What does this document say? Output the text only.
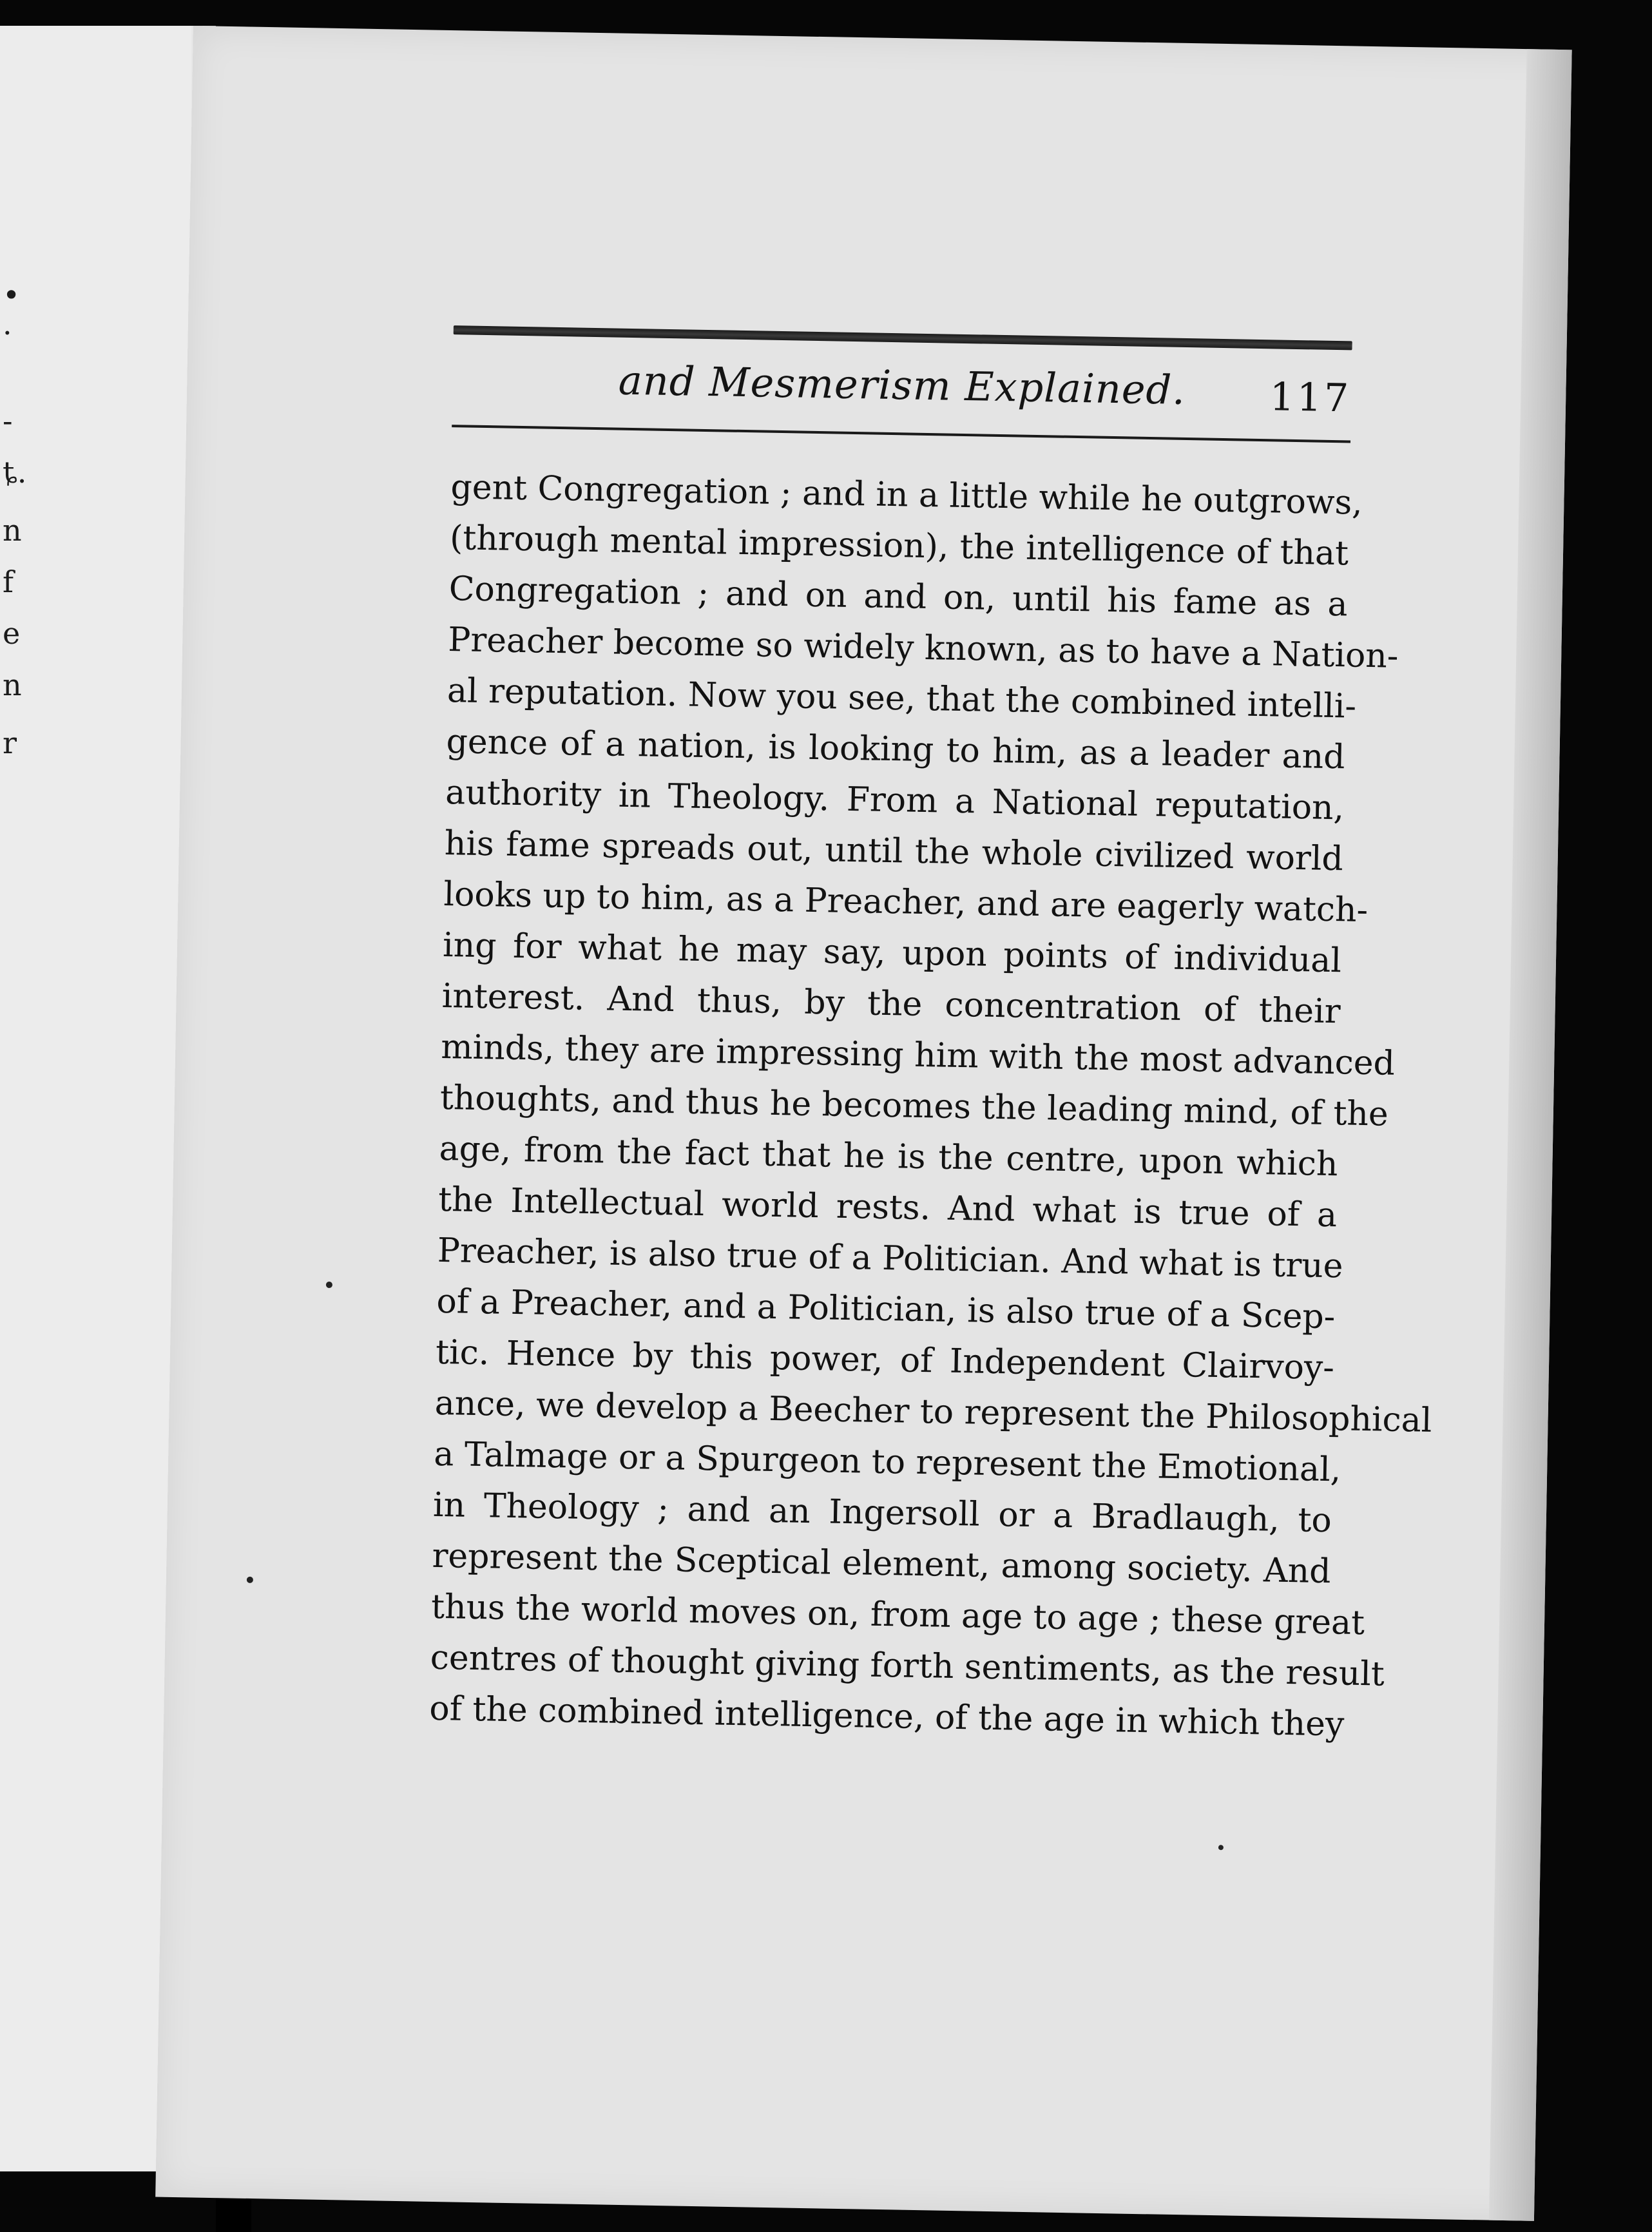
•
̃.
-
ȶ.
n
f
e
n
r
and Mesmerism Explained.	117
gent Congregation ; and in a little while he outgrows,
(through mental impression), the intelligence of that
Congregation ; and on and on, until his fame as a
Preacher become so widely known, as to have a Nation-
al reputation. Now you see, that the combined intelli-
gence of a nation, is looking to him, as a leader and
authority in Theology. From a National reputation,
his fame spreads out, until the whole civilized world
looks up to him, as a Preacher, and are eagerly watch-
ing for what he may say, upon points of individual
interest. And thus, by the concentration of their
minds, they are impressing him with the most advanced
thoughts, and thus he becomes the leading mind, of the
age, from the fact that he is the centre, upon which
the Intellectual world rests. And what is true of a
Preacher, is also true of a Politician. And what is true
of a Preacher, and a Politician, is also true of a Scep-
tic. Hence by this power, of Independent Clairvoy-
ance, we develop a Beecher to represent the Philosophical
a Talmage or a Spurgeon to represent the Emotional,
in Theology ; and an Ingersoll or a Bradlaugh, to
represent the Sceptical element, among society. And
thus the world moves on, from age to age ; these great
centres of thought giving forth sentiments, as the result
of the combined intelligence, of the age in which they
